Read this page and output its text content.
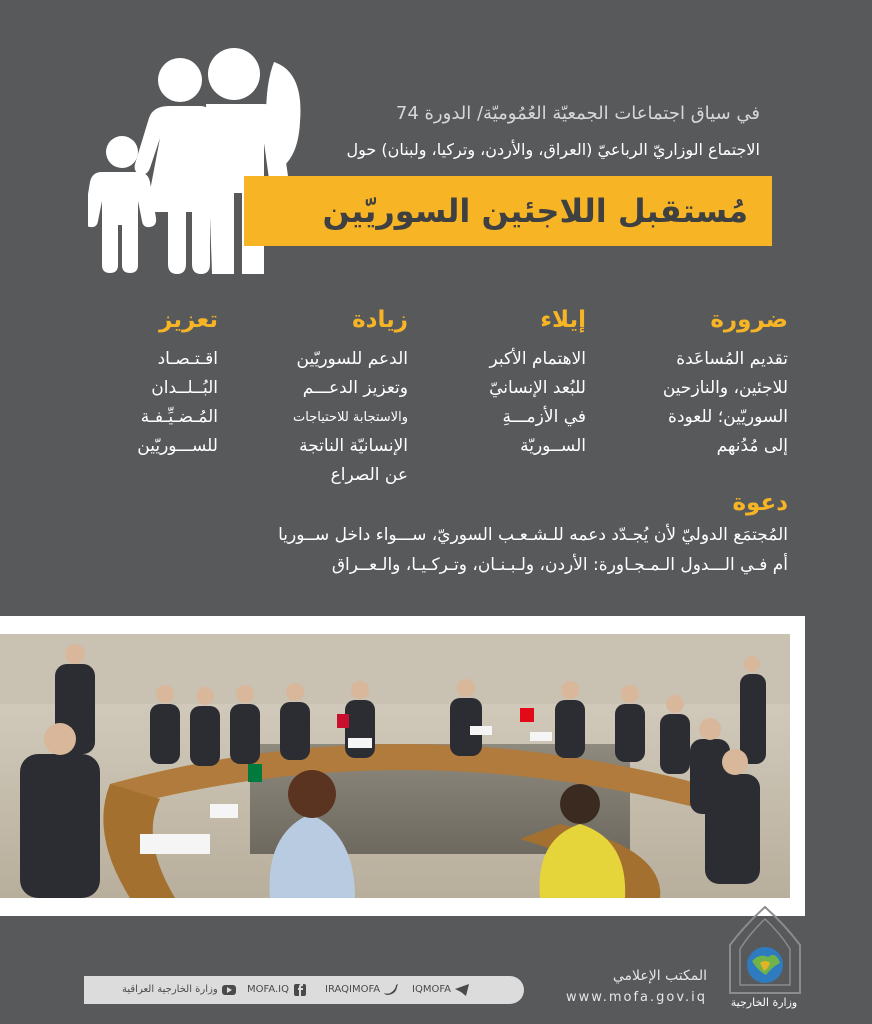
في سياق اجتماعات الجمعيّة العُمُوميّة/ الدورة 74
الاجتماع الوزاريّ الرباعيّ (العراق، والأردن، وتركيا، ولبنان) حول
مُستقبل اللاجئين السوريّين
ضرورة
تقديم المُساعَدة
للاجئين، والنازحين
السوريّين؛ للعودة
إلى مُدُنهم
إيلاء
الاهتمام الأكبر
للبُعد الإنسانيّ
في الأزمـــةِ
الســوريّة
زيادة
الدعم للسوريّين
وتعزيز الدعـــم
والاستجابة للاحتياجات
الإنسانيّة الناتجة
عن الصراع
تعزيز
اقـتـصـاد
البُــلــدان
المُـضـيِّـفـة
للســـوريّين
دعوة
المُجتمَع الدوليّ لأن يُجـدّد دعمه للـشـعـب السوريّ، ســـواء داخل ســوريا
أم فـي الـــدول الـمـجـاورة: الأردن، ولـبـنـان، وتـركـيـا، والـعــراق
IQMOFA
IRAQIMOFA
MOFA.IQ
وزارة الخارجية العراقية
المكتب الإعلامي
www.mofa.gov.iq	وزارة الخارجية
